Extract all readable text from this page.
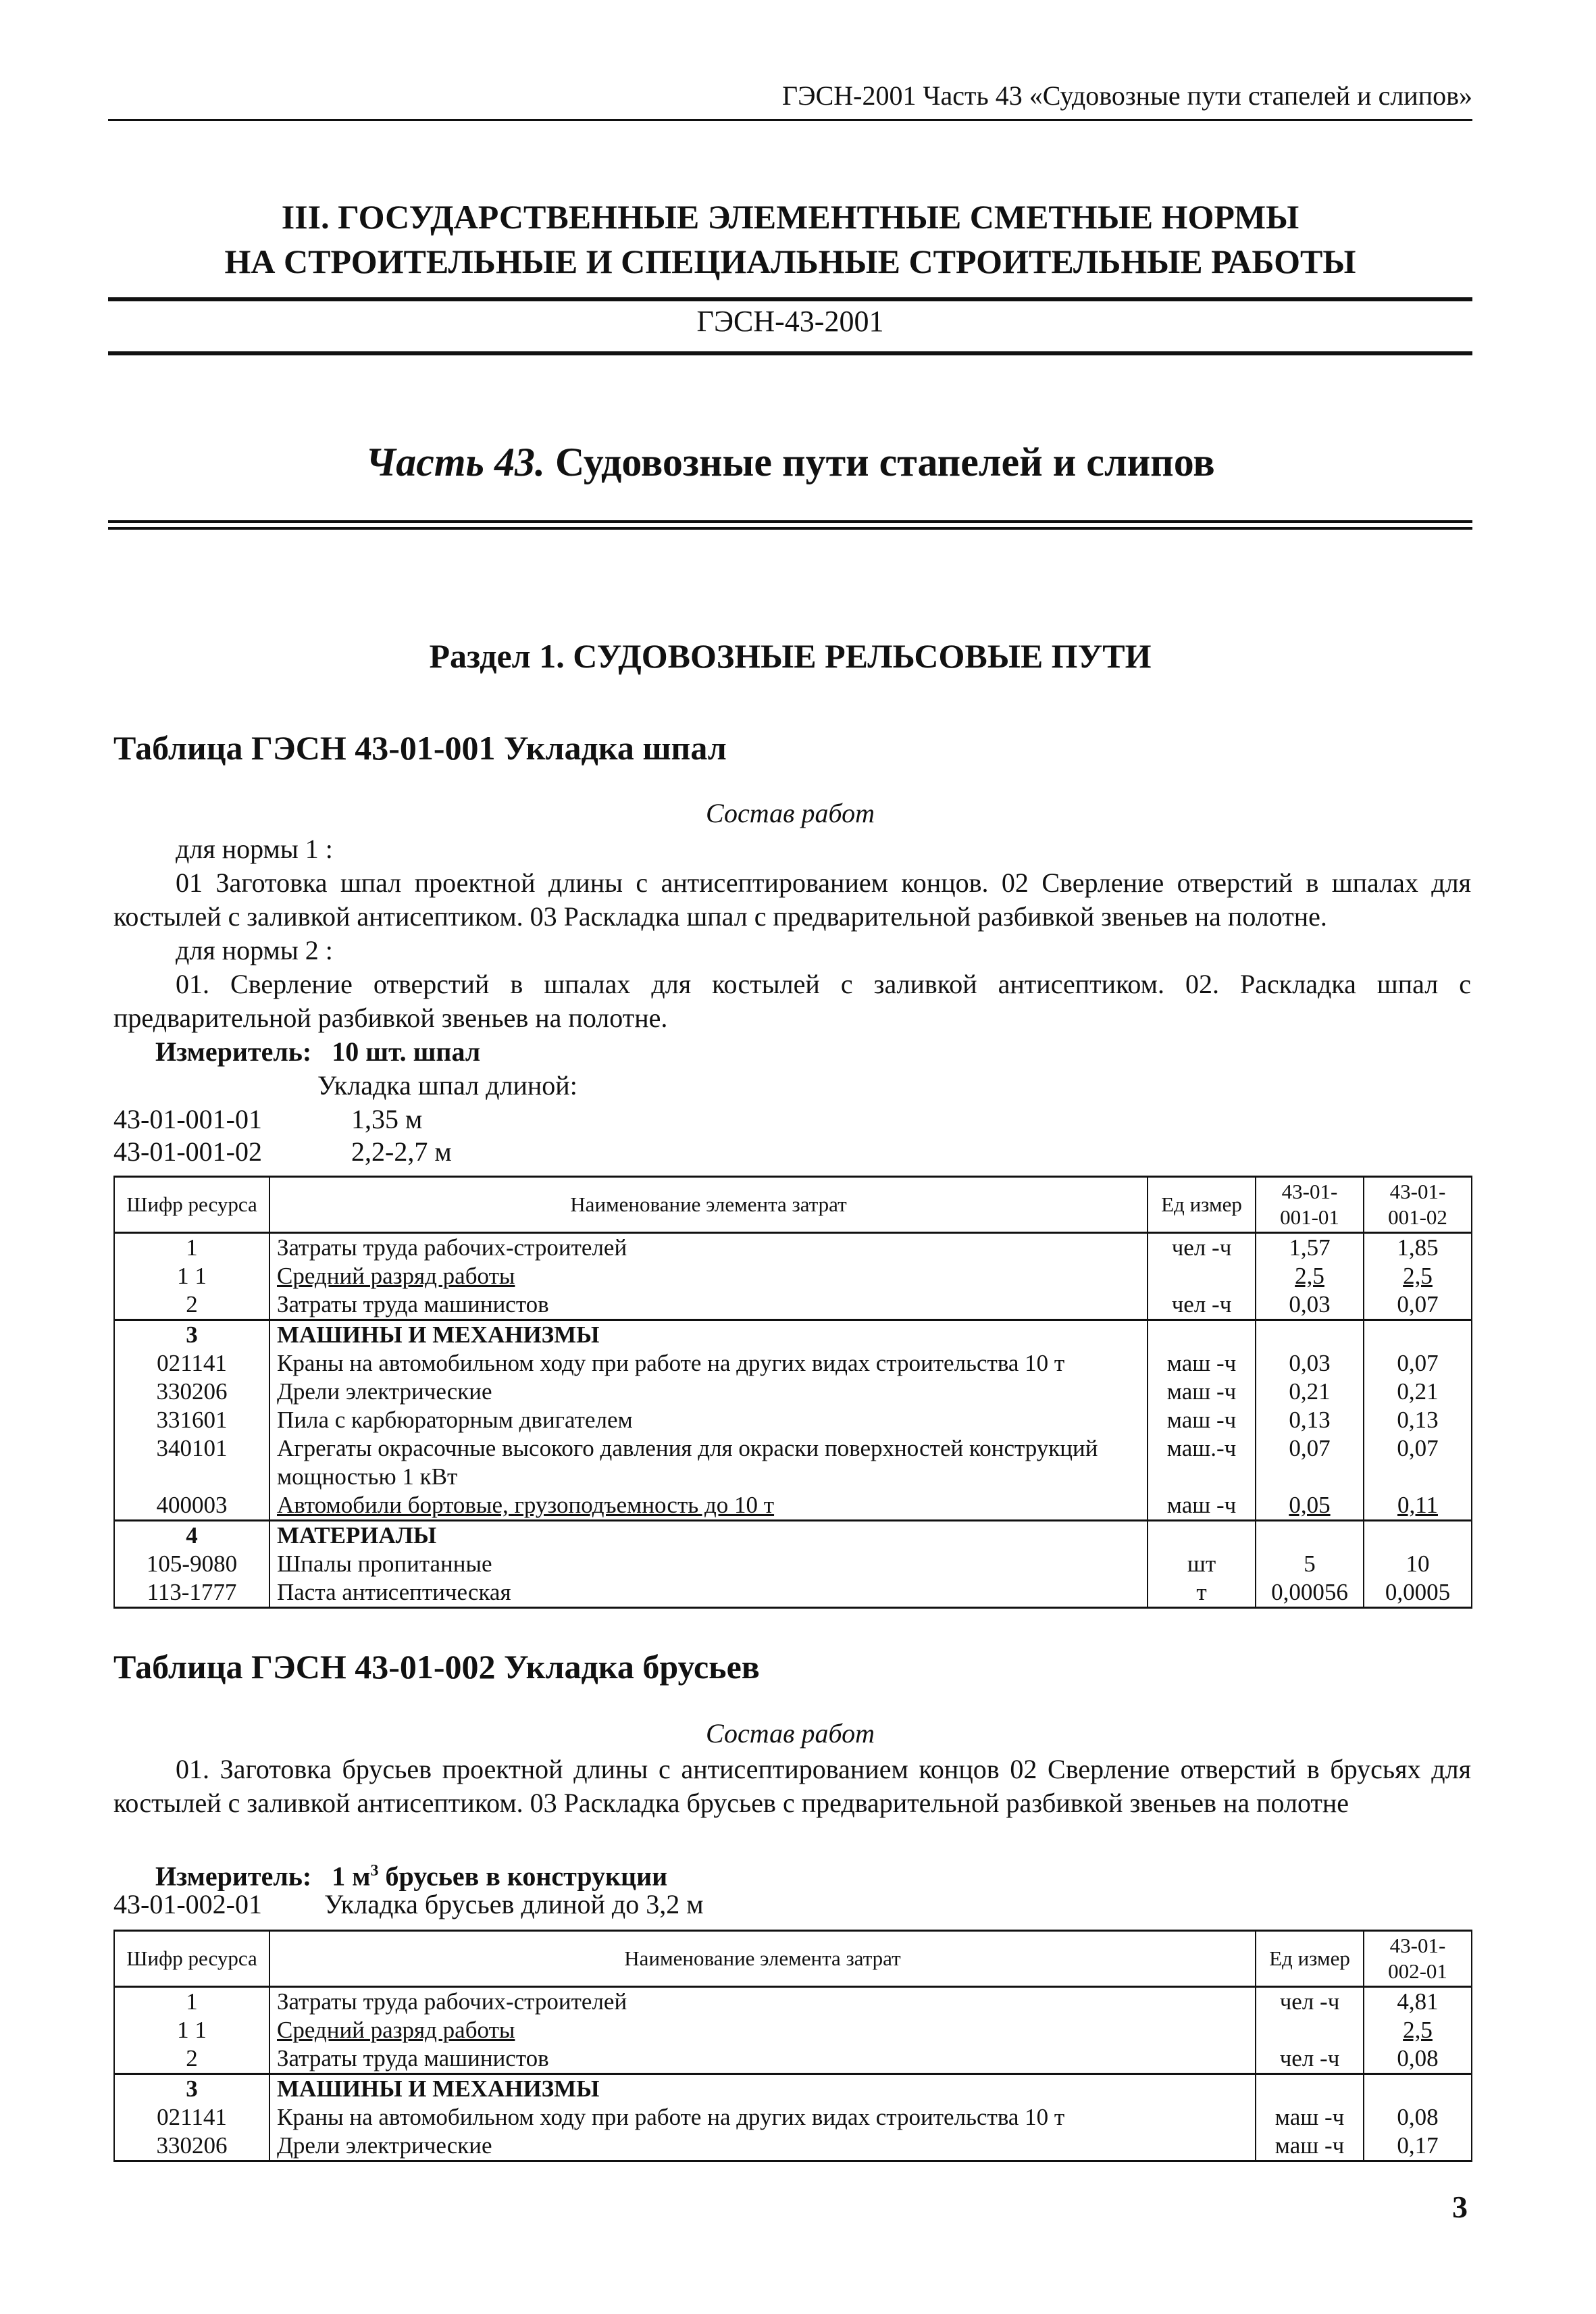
ГЭСН-2001 Часть 43 «Судовозные пути стапелей и слипов»
III. ГОСУДАРСТВЕННЫЕ ЭЛЕМЕНТНЫЕ СМЕТНЫЕ НОРМЫ
НА СТРОИТЕЛЬНЫЕ И СПЕЦИАЛЬНЫЕ СТРОИТЕЛЬНЫЕ РАБОТЫ
ГЭСН-43-2001
Часть 43. Судовозные пути стапелей и слипов
Раздел 1. СУДОВОЗНЫЕ РЕЛЬСОВЫЕ ПУТИ
Таблица ГЭСН 43-01-001 Укладка шпал
Состав работ
для нормы 1 :
01 Заготовка шпал проектной длины с антисептированием концов. 02 Сверление отверстий в шпалах для костылей с заливкой антисептиком. 03 Раскладка шпал с предварительной разбивкой звеньев на полотне.
для нормы 2 :
01. Сверление отверстий в шпалах для костылей с заливкой антисептиком. 02. Раскладка шпал с предварительной разбивкой звеньев на полотне.
Измеритель:   10 шт. шпал
Укладка шпал длиной:
43-01-001-01	1,35 м
43-01-001-02	2,2-2,7 м
Шифр ресурса	Наименование элемента затрат	Ед измер	43-01-001-01	43-01-001-02
1	Затраты труда рабочих-строителей	чел -ч	1,57	1,85
1 1	Средний разряд работы		2,5	2,5
2	Затраты труда машинистов	чел -ч	0,03	0,07
3	МАШИНЫ И МЕХАНИЗМЫ			
021141	Краны на автомобильном ходу при работе на других видах строительства 10 т	маш -ч	0,03	0,07
330206	Дрели электрические	маш -ч	0,21	0,21
331601	Пила с карбюраторным двигателем	маш -ч	0,13	0,13
340101	Агрегаты окрасочные высокого давления для окраски поверхностей конструкций мощностью 1 кВт	маш.-ч	0,07	0,07
400003	Автомобили бортовые, грузоподъемность до 10 т	маш -ч	0,05	0,11
4	МАТЕРИАЛЫ			
105-9080	Шпалы пропитанные	шт	5	10
113-1777	Паста антисептическая	т	0,00056	0,0005
Таблица ГЭСН 43-01-002 Укладка брусьев
Состав работ
01. Заготовка брусьев проектной длины с антисептированием концов 02 Сверление отверстий в брусьях для костылей с заливкой антисептиком. 03 Раскладка брусьев с предварительной разбивкой звеньев на полотне
Измеритель:   1 $м^3$ брусьев в конструкции
43-01-002-01 Укладка брусьев длиной до 3,2 м
Шифр ресурса	Наименование элемента затрат	Ед измер	43-01-002-01
1	Затраты труда рабочих-строителей	чел -ч	4,81
1 1	Средний разряд работы		2,5
2	Затраты труда машинистов	чел -ч	0,08
3	МАШИНЫ И МЕХАНИЗМЫ		
021141	Краны на автомобильном ходу при работе на других видах строительства 10 т	маш -ч	0,08
330206	Дрели электрические	маш -ч	0,17
3
